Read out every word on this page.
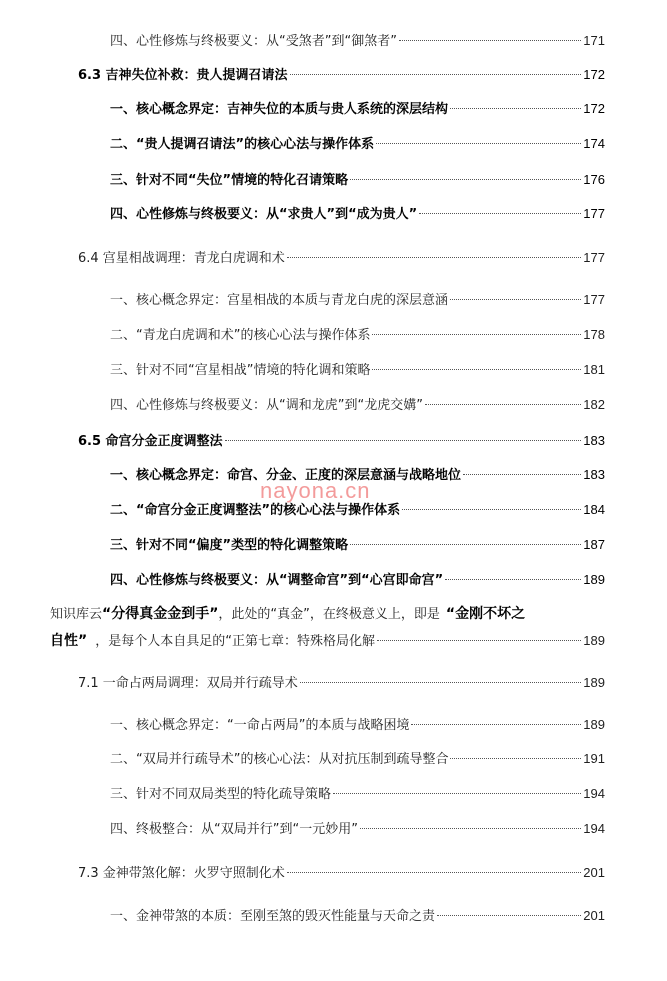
四、心性修炼与终极要义：从“受煞者”到“御煞者”	171
6.3 吉神失位补救：贵人提调召请法	172
一、核心概念界定：吉神失位的本质与贵人系统的深层结构	172
二、“贵人提调召请法”的核心心法与操作体系	174
三、针对不同“失位”情境的特化召请策略	176
四、心性修炼与终极要义：从“求贵人”到“成为贵人”	177
6.4 宫星相战调理：青龙白虎调和术	177
一、核心概念界定：宫星相战的本质与青龙白虎的深层意涵	177
二、“青龙白虎调和术”的核心心法与操作体系	178
三、针对不同“宫星相战”情境的特化调和策略	181
四、心性修炼与终极要义：从“调和龙虎”到“龙虎交媾”	182
6.5 命宫分金正度调整法	183
一、核心概念界定：命宫、分金、正度的深层意涵与战略地位	183
二、“命宫分金正度调整法”的核心心法与操作体系	184
三、针对不同“偏度”类型的特化调整策略	187
四、心性修炼与终极要义：从“调整命宫”到“心宫即命宫”	189
知识库云“分得真金金到手”，此处的“真金”，在终极意义上，即是 “金刚不坏之
自性” ，是每个人本自具足的“正第七章：特殊格局化解	189
7.1 一命占两局调理：双局并行疏导术	189
一、核心概念界定：“一命占两局”的本质与战略困境	189
二、“双局并行疏导术”的核心心法：从对抗压制到疏导整合	191
三、针对不同双局类型的特化疏导策略	194
四、终极整合：从“双局并行”到“一元妙用”	194
7.3 金神带煞化解：火罗守照制化术	201
一、金神带煞的本质：至刚至煞的毁灭性能量与天命之责	201
nayona.cn
